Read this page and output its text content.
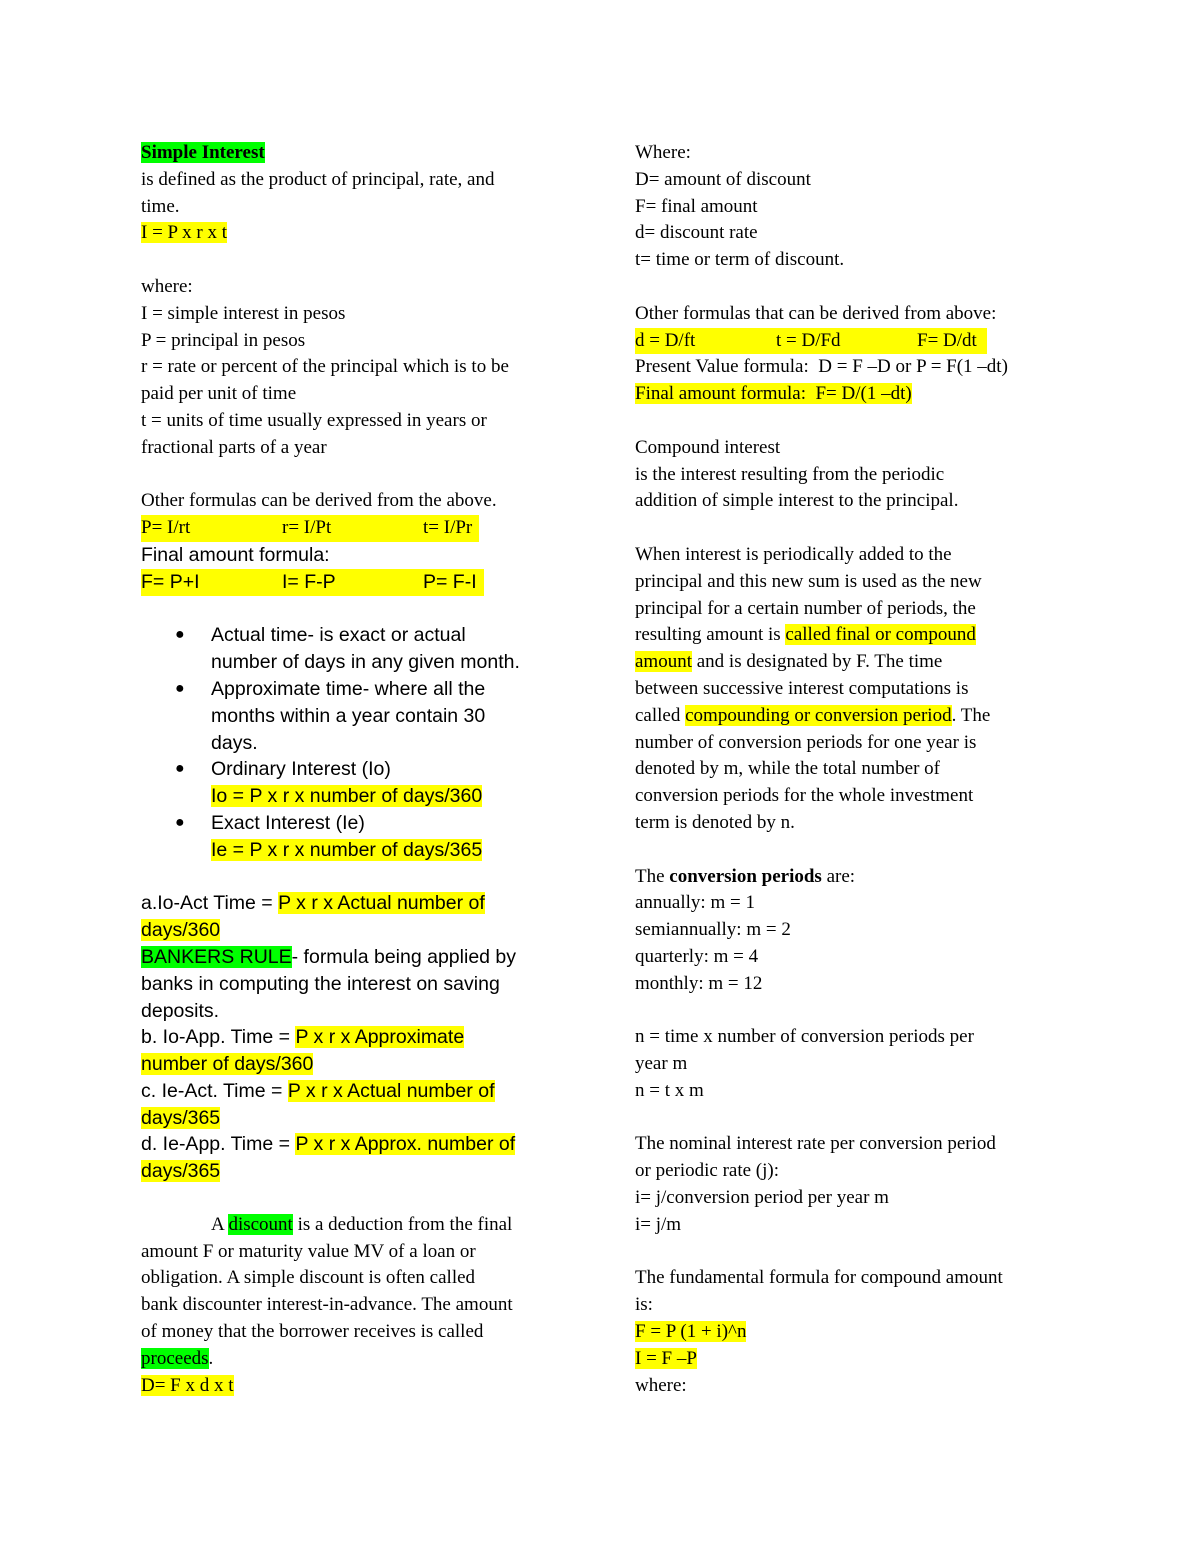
Simple Interest
is defined as the product of principal, rate, and
time.
I = P x r x t
where:
I = simple interest in pesos
P = principal in pesos
r = rate or percent of the principal which is to be
paid per unit of time
t = units of time usually expressed in years or
fractional parts of a year
Other formulas can be derived from the above.
P= I/rt	r= I/Pt	t= I/Pr
Final amount formula:
F= P+I	I= F-P	P= F-I
● Actual time- is exact or actual
number of days in any given month.
● Approximate time- where all the
months within a year contain 30
days.
● Ordinary Interest (Io)
Io = P x r x number of days/360
● Exact Interest (Ie)
Ie = P x r x number of days/365
a.Io-Act Time = P x r x Actual number of
days/360
BANKERS RULE- formula being applied by
banks in computing the interest on saving
deposits.
b. Io-App. Time = P x r x Approximate
number of days/360
c. Ie-Act. Time = P x r x Actual number of
days/365
d. Ie-App. Time = P x r x Approx. number of
days/365
A discount is a deduction from the final
amount F or maturity value MV of a loan or
obligation. A simple discount is often called
bank discounter interest-in-advance. The amount
of money that the borrower receives is called
proceeds.
D= F x d x t
Where:
D= amount of discount
F= final amount
d= discount rate
t= time or term of discount.
Other formulas that can be derived from above:
d = D/ft	t = D/Fd	F= D/dt
Present Value formula:  D = F –D or P = F(1 –dt)
Final amount formula:  F= D/(1 –dt)
Compound interest
is the interest resulting from the periodic
addition of simple interest to the principal.
When interest is periodically added to the
principal and this new sum is used as the new
principal for a certain number of periods, the
resulting amount is called final or compound
amount and is designated by F. The time
between successive interest computations is
called compounding or conversion period. The
number of conversion periods for one year is
denoted by m, while the total number of
conversion periods for the whole investment
term is denoted by n.
The conversion periods are:
annually: m = 1
semiannually: m = 2
quarterly: m = 4
monthly: m = 12
n = time x number of conversion periods per
year m
n = t x m
The nominal interest rate per conversion period
or periodic rate (j):
i= j/conversion period per year m
i= j/m
The fundamental formula for compound amount
is:
F = P (1 + i)^n
I = F –P
where:
